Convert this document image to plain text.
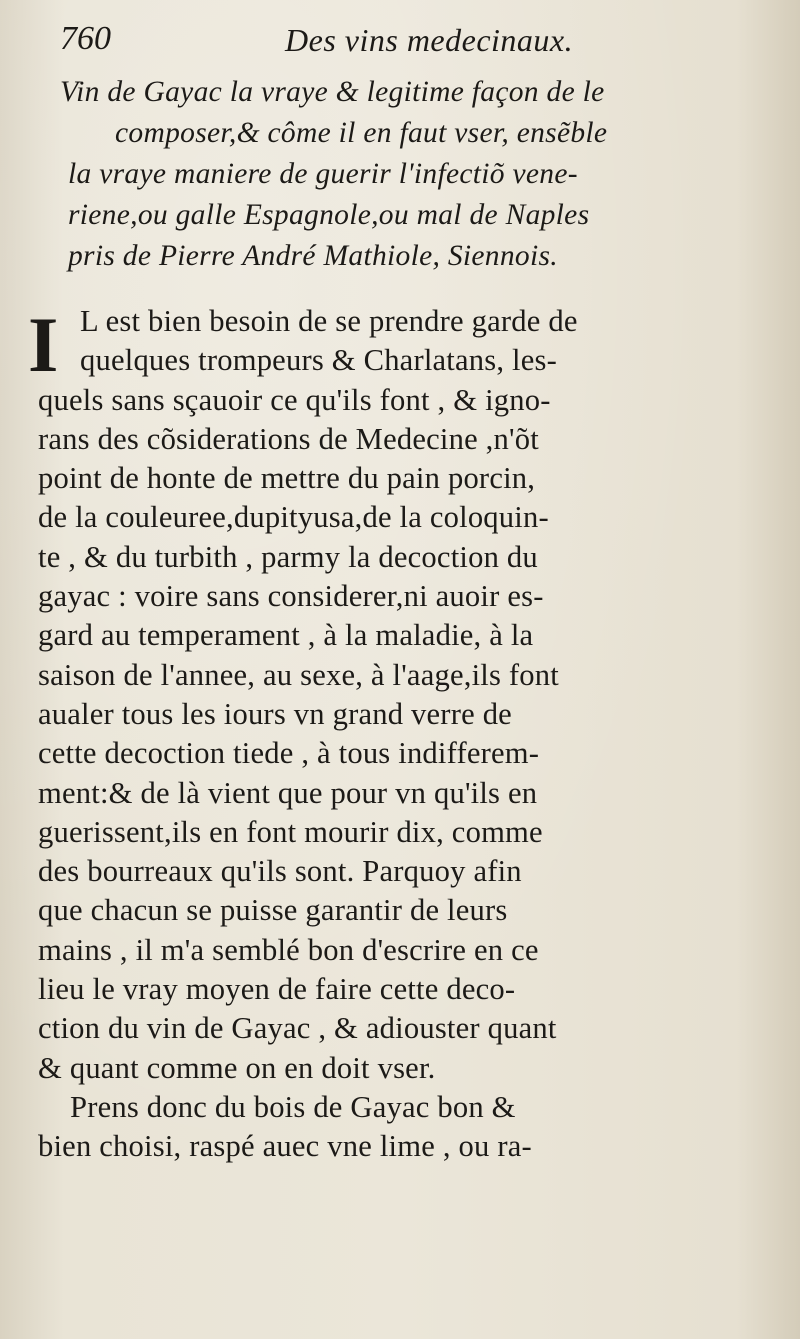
760	Des vins medecinaux.
Vin de Gayac la vraye & legitime façon de le
composer,& côme il en faut vser, ensẽble
la vraye maniere de guerir l'infectiõ vene-
riene,ou galle Espagnole,ou mal de Naples
pris de Pierre André Mathiole, Siennois.
I L est bien besoin de se prendre garde de
quelques trompeurs & Charlatans, les-
quels sans sçauoir ce qu'ils font , & igno-
rans des cõsiderations de Medecine ,n'õt
point de honte de mettre du pain porcin,
de la couleuree,dupityusa,de la coloquin-
te , & du turbith , parmy la decoction du
gayac : voire sans considerer,ni auoir es-
gard au temperament , à la maladie, à la
saison de l'annee, au sexe, à l'aage,ils font
aualer tous les iours vn grand verre de
cette decoction tiede , à tous indifferem-
ment:& de là vient que pour vn qu'ils en
guerissent,ils en font mourir dix, comme
des bourreaux qu'ils sont. Parquoy afin
que chacun se puisse garantir de leurs
mains , il m'a semblé bon d'escrire en ce
lieu le vray moyen de faire cette deco-
ction du vin de Gayac , & adiouster quant
& quant comme on en doit vser.
Prens donc du bois de Gayac bon &
bien choisi, raspé auec vne lime , ou ra-
